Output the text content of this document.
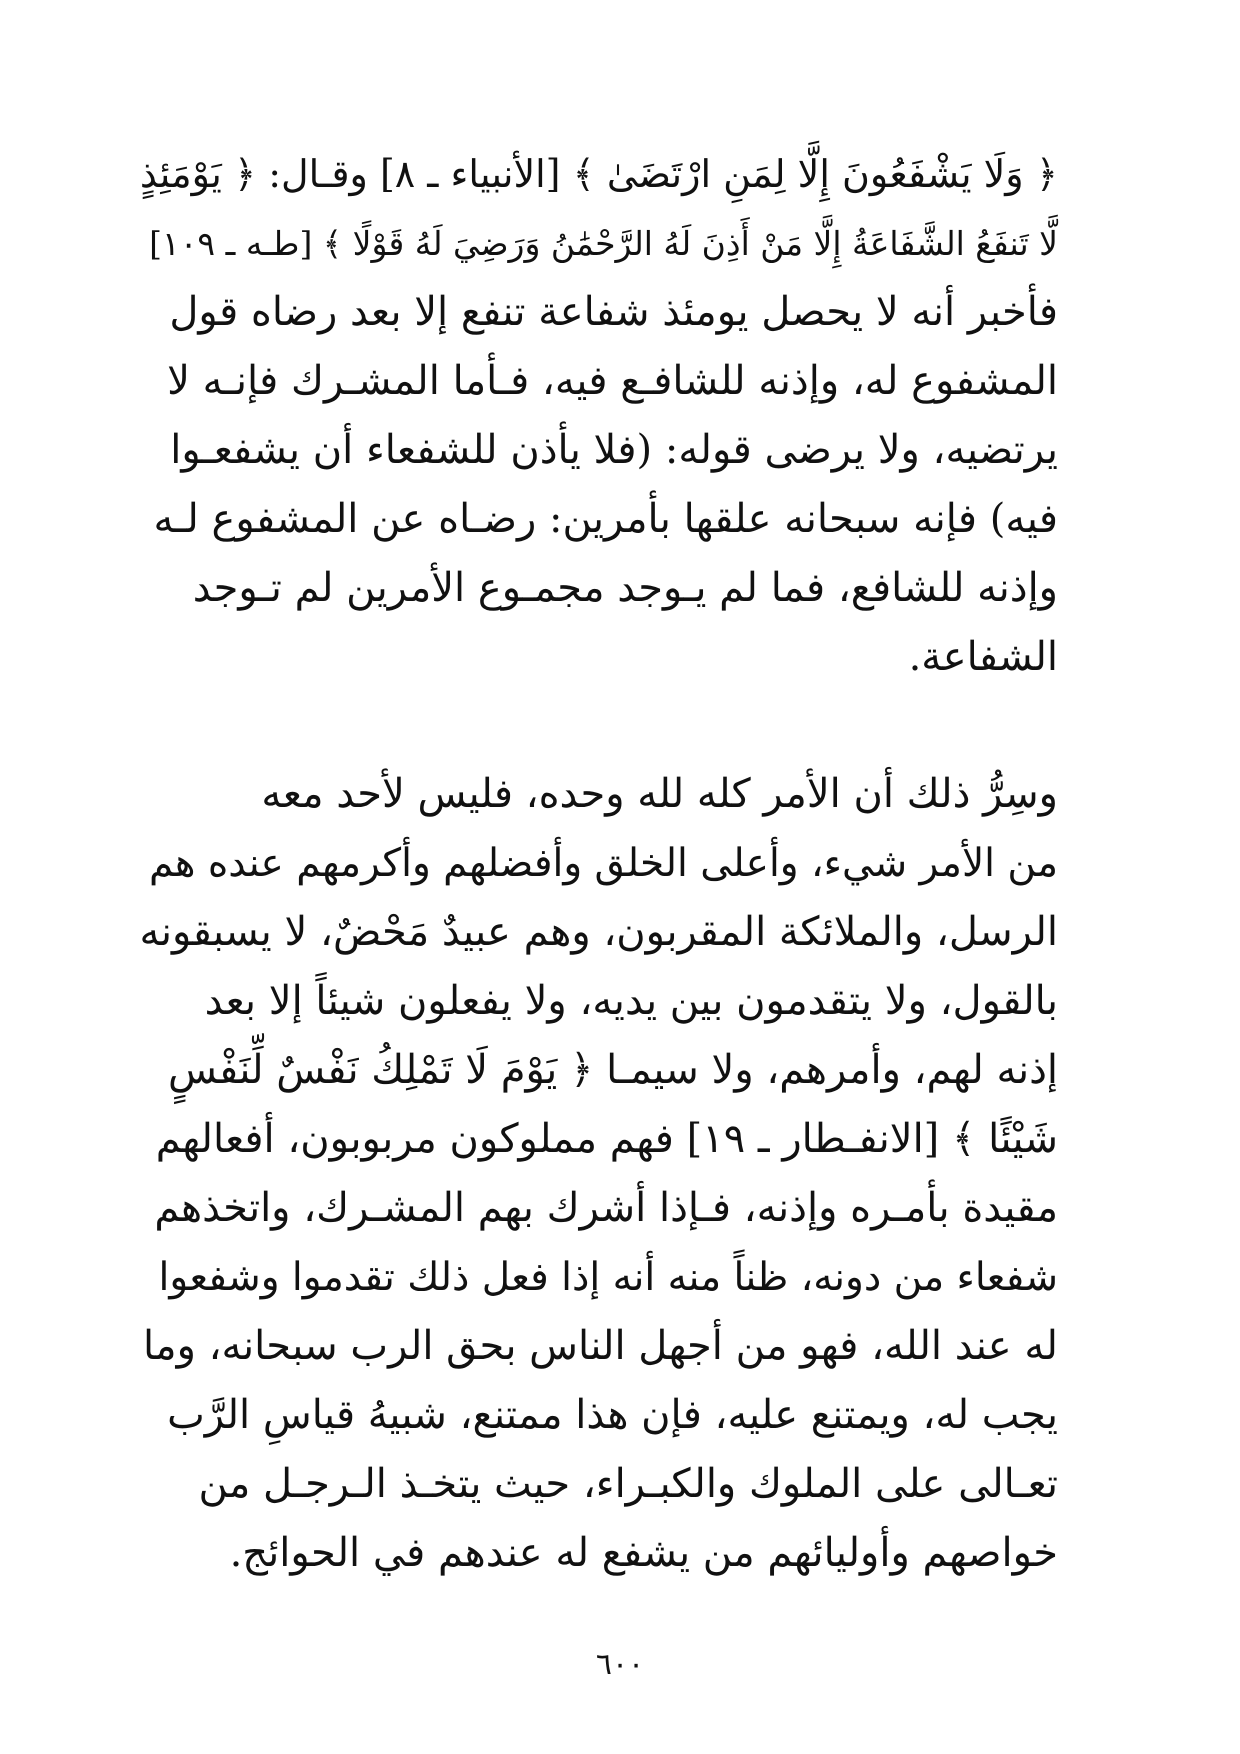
﴿ وَلَا يَشْفَعُونَ إِلَّا لِمَنِ ارْتَضَىٰ ﴾ [الأنبياء ـ ٨] وقـال: ﴿ يَوْمَئِذٍ
لَّا تَنفَعُ الشَّفَاعَةُ إِلَّا مَنْ أَذِنَ لَهُ الرَّحْمَٰنُ وَرَضِيَ لَهُ قَوْلًا ﴾ [طـه ـ ١٠٩]
فأخبر أنه لا يحصل يومئذ شفاعة تنفع إلا بعد رضاه قول
المشفوع له، وإذنه للشافـع فيه، فـأما المشـرك فإنـه لا
يرتضيه، ولا يرضى قوله: (فلا يأذن للشفعاء أن يشفعـوا
فيه) فإنه سبحانه علقها بأمرين: رضـاه عن المشفوع لـه
وإذنه للشافع، فما لم يـوجد مجمـوع الأمرين لم تـوجد
الشفاعة.
وسِرُّ ذلك أن الأمر كله لله وحده، فليس لأحد معه
من الأمر شيء، وأعلى الخلق وأفضلهم وأكرمهم عنده هم
الرسل، والملائكة المقربون، وهم عبيدٌ مَحْضٌ، لا يسبقونه
بالقول، ولا يتقدمون بين يديه، ولا يفعلون شيئاً إلا بعد
إذنه لهم، وأمرهم، ولا سيمـا ﴿ يَوْمَ لَا تَمْلِكُ نَفْسٌ لِّنَفْسٍ
شَيْئًا ﴾ [الانفـطار ـ ١٩] فهم مملوكون مربوبون، أفعالهم
مقيدة بأمـره وإذنه، فـإذا أشرك بهم المشـرك، واتخذهم
شفعاء من دونه، ظناً منه أنه إذا فعل ذلك تقدموا وشفعوا
له عند الله، فهو من أجهل الناس بحق الرب سبحانه، وما
يجب له، ويمتنع عليه، فإن هذا ممتنع، شبيهُ قياسِ الرَّب
تعـالى على الملوك والكبـراء، حيث يتخـذ الـرجـل من
خواصهم وأوليائهم من يشفع له عندهم في الحوائج.
٦٠٠
